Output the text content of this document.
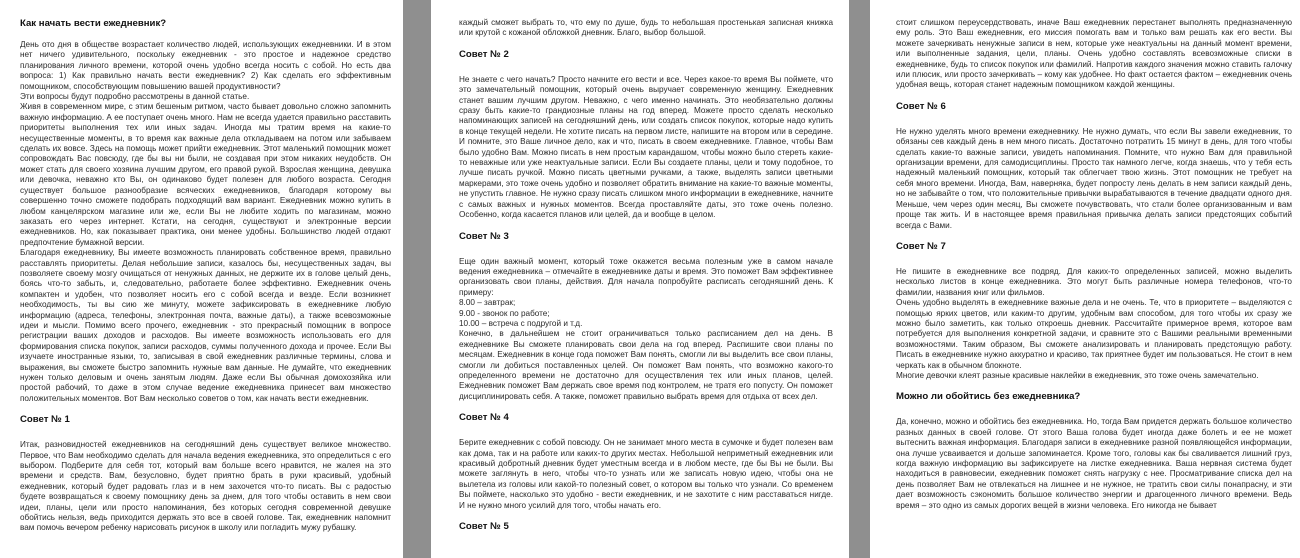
Как начать вести ежедневник?
День ото дня в обществе возрастает количество людей, использующих ежедневники. И в этом нет ничего удивительного, поскольку ежедневник - это простое и надежное средство планирования личного времени, которой очень удобно всегда носить с собой. Но есть два вопроса: 1) Как правильно начать вести ежедневник? 2) Как сделать его эффективным помощником, способствующим повышению вашей продуктивности?
Эти вопросы будут подробно рассмотрены в данной статье.
Живя в современном мире, с этим бешеным ритмом, часто бывает довольно сложно запомнить важную информацию. А ее поступает очень много. Нам не всегда удается правильно расставить приоритеты выполнения тех или иных задач. Иногда мы тратим время на какие-то несущественные моменты, в то время как важные дела откладываем на потом или забываем сделать их вовсе. Здесь на помощь может прийти ежедневник. Этот маленький помощник может сопровождать Вас повсюду, где бы вы ни были, не создавая при этом никаких неудобств. Он может стать для своего хозяина лучшим другом, его правой рукой. Взрослая женщина, девушка или девочка, неважно кто Вы, он одинаково будет полезен для любого возраста. Сегодня существует большое разнообразие всяческих ежедневников, благодаря которому вы совершенно точно сможете подобрать подходящий вам вариант. Ежедневник можно купить в любом канцелярском магазине или же, если Вы не любите ходить по магазинам, можно заказать его через интернет. Кстати, на сегодня, существуют и электронные версии ежедневников. Но, как показывает практика, они менее удобны. Большинство людей отдают предпочтение бумажной версии.
Благодаря ежедневнику, Вы имеете возможность планировать собственное время, правильно расставлять приоритеты. Делая небольшие записи, казалось бы, несущественных задач, вы позволяете своему мозгу очищаться от ненужных данных, не держите их в голове целый день, боясь что-то забыть, и, следовательно, работаете более эффективно. Ежедневник очень компактен и удобен, что позволяет носить его с собой всегда и везде. Если возникнет необходимость, ты вы сию же минуту, можете зафиксировать в ежедневнике любую информацию (адреса, телефоны, электронная почта, важные даты), а также всевозможные идеи и мысли. Помимо всего прочего, ежедневник - это прекрасный помощник в вопросе регистрации ваших доходов и расходов. Вы имеете возможность использовать его для формирования списка покупок, записи расходов, суммы полученного дохода и прочее. Если Вы изучаете иностранные языки, то, записывая в свой ежедневник различные термины, слова и выражения, вы сможете быстро запомнить нужные вам данные. Не думайте, что ежедневник нужен только деловым и очень занятым людям. Даже если Вы обычная домохозяйка или простой рабочий, то даже в этом случае ведение ежедневника принесет вам множество положительных моментов. Вот Вам несколько советов о том, как начать вести ежедневник.
Совет № 1
Итак, разновидностей ежедневников на сегодняшний день существует великое множество. Первое, что Вам необходимо сделать для начала ведения ежедневника, это определиться с его выбором. Подберите для себя тот, который вам больше всего нравится, не жалея на это времени и средств. Вам, безусловно, будет приятно брать в руки красивый, удобный ежедневник, который будет радовать глаз и в нем захочется что-то писать. Вы с радостью будете возвращаться к своему помощнику день за днем, для того чтобы оставить в нем свои идеи, планы, цели или просто напоминания, без которых сегодня современной девушке обойтись нельзя, ведь приходится держать это все в своей голове. Так, ежедневник напомнит вам помочь вечером ребенку нарисовать рисунок в школу или погладить мужу рубашку.
каждый сможет выбрать то, что ему по душе, будь то небольшая простенькая записная книжка или крутой с кожаной обложкой дневник. Благо, выбор большой.
Совет № 2
Не знаете с чего начать? Просто начните его вести и все. Через какое-то время Вы поймете, что это замечательный помощник, который очень выручает современную женщину. Ежедневник станет вашим лучшим другом. Неважно, с чего именно начинать. Это необязательно должны сразу быть какие-то грандиозные планы на год вперед. Можете просто сделать несколько напоминающих записей на сегодняшний день, или создать список покупок, которые надо купить в конце текущей недели. Не хотите писать на первом листе, напишите на втором или в середине. И помните, это Ваше личное дело, как и что, писать в своем ежедневнике. Главное, чтобы Вам было удобно Вам. Можно писать в нем простым карандашом, чтобы можно было стереть какие-то неважные или уже неактуальные записи. Если Вы создаете планы, цели и тому подобное, то лучше писать ручкой. Можно писать цветными ручками, а также, выделять записи цветными маркерами, это тоже очень удобно и позволяет обратить внимание на какие-то важные моменты, не упустить главное. Не нужно сразу писать слишком много информации в ежедневнике, начните с самых важных и нужных моментов. Всегда проставляйте даты, это тоже очень полезно. Особенно, когда касается планов или целей, да и вообще в целом.
Совет № 3
Еще один важный момент, который тоже окажется весьма полезным уже в самом начале ведения ежедневника – отмечайте в ежедневнике даты и время. Это поможет Вам эффективнее организовать свои планы, действия. Для начала попробуйте расписать сегодняшний день. К примеру:
8.00 – завтрак;
9.00 - звонок по работе;
10.00 – встреча с подругой и т.д.
Конечно, в дальнейшем не стоит ограничиваться только расписанием дел на день. В ежедневнике Вы сможете планировать свои дела на год вперед. Распишите свои планы по месяцам. Ежедневник в конце года поможет Вам понять, смогли ли вы выделить все свои планы, смогли ли добиться поставленных целей. Он поможет Вам понять, что возможно какого-то определенного времени не достаточно для осуществления тех или иных планов, целей. Ежедневник поможет Вам держать свое время под контролем, не тратя его попусту. Он поможет дисциплинировать себя. А также, поможет правильно выбрать время для отдыха от всех дел.
Совет № 4
Берите ежедневник с собой повсюду. Он не занимает много места в сумочке и будет полезен вам как дома, так и на работе или каких-то других местах. Небольшой неприметный ежедневник или красивый добротный дневник будет уместным всегда и в любом месте, где бы Вы не были. Вы можете заглянуть в него, чтобы что-то узнать или же записать новую идею, чтобы она не вылетела из головы или какой-то полезный совет, о котором вы только что узнали. Со временем Вы поймете, насколько это удобно - вести ежедневник, и не захотите с ним расставаться нигде. И не нужно много усилий для того, чтобы начать его.
Совет № 5
стоит слишком переусердствовать, иначе Ваш ежедневник перестанет выполнять предназначенную ему роль. Это Ваш ежедневник, его миссия помогать вам и только вам решать как его вести. Вы можете зачеркивать ненужные записи в нем, которые уже неактуальны на данный момент времени, или выполненные задания, цели, планы. Очень удобно составлять всевозможные списки в ежедневнике, будь то список покупок или фамилий. Напротив каждого значения можно ставить галочку или плюсик, или просто зачеркивать – кому как удобнее. Но факт остается фактом – ежедневник очень удобная вещь, которая станет надежным помощником каждой женщины.
Совет № 6
Не нужно уделять много времени ежедневнику. Не нужно думать, что если Вы завели ежедневник, то обязаны сев каждый день в нем много писать. Достаточно потратить 15 минут в день, для того чтобы сделать какие-то важные записи, увидеть напоминания. Помните, что нужно Вам для правильной организации времени, для самодисциплины. Просто так намного легче, когда знаешь, что у тебя есть надежный маленький помощник, который так облегчает твою жизнь. Этот помощник не требует на себя много времени. Иногда, Вам, наверняка, будет попросту лень делать в нем записи каждый день, но не забывайте о том, что положительные привычки вырабатываются в течение двадцати одного дня. Меньше, чем через один месяц, Вы сможете почувствовать, что стали более организованным и вам проще так жить. И в настоящее время правильная привычка делать записи предстоящих событий всегда с Вами.
Совет № 7
Не пишите в ежедневнике все подряд. Для каких-то определенных записей, можно выделить несколько листов в конце ежедневника. Это могут быть различные номера телефонов, что-то фамилии, названия книг или фильмов.
Очень удобно выделять в ежедневнике важные дела и не очень. Те, что в приоритете – выделяются с помощью ярких цветов, или каким-то другим, удобным вам способом, для того чтобы их сразу же можно было заметить, как только откроешь дневник. Рассчитайте примерное время, которое вам потребуется для выполнения конкретной задачи, и сравните это с Вашими реальными временными возможностями. Таким образом, Вы сможете анализировать и планировать предстоящую работу. Писать в ежедневнике нужно аккуратно и красиво, так приятнее будет им пользоваться. Не стоит в нем черкать как в обычном блокноте.
Многие девочки клеят разные красивые наклейки в ежедневник, это тоже очень замечательно.
Можно ли обойтись без ежедневника?
Да, конечно, можно и обойтись без ежедневника. Но, тогда Вам придется держать большое количество разных данных в своей голове. От этого Ваша голова будет иногда даже болеть и ее не может вытеснить важная информация. Благодаря записи в ежедневнике разной появляющейся информации, она лучше усваивается и дольше запоминается. Кроме того, головы как бы сваливается лишний груз, когда важную информацию вы зафиксируете на листке ежедневника. Ваша нервная система будет находиться в равновесии, ежедневник поможет снять нагрузку с нее. Просматривание списка дел на день позволяет Вам не отвлекаться на лишнее и не нужное, не тратить свои силы понапрасну, и эти дает возможность сэкономить большое количество энергии и драгоценного личного времени. Ведь время – это одно из самых дорогих вещей в жизни человека. Его никогда не бывает
